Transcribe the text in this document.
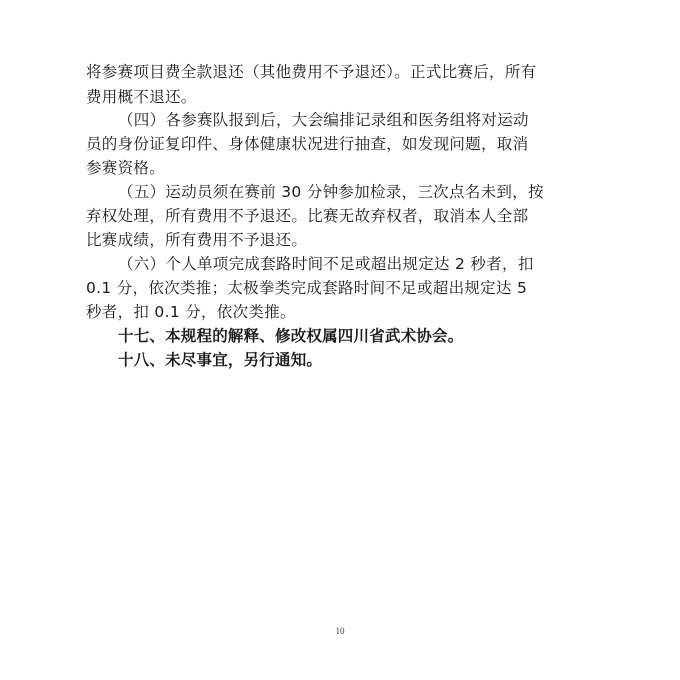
将参赛项目费全款退还（其他费用不予退还）。正式比赛后，所有
费用概不退还。
（四）各参赛队报到后，大会编排记录组和医务组将对运动
员的身份证复印件、身体健康状况进行抽查，如发现问题，取消
参赛资格。
（五）运动员须在赛前 30 分钟参加检录，三次点名未到，按
弃权处理，所有费用不予退还。比赛无故弃权者，取消本人全部
比赛成绩，所有费用不予退还。
（六）个人单项完成套路时间不足或超出规定达 2 秒者，扣
0.1 分，依次类推；太极拳类完成套路时间不足或超出规定达 5
秒者，扣 0.1 分，依次类推。
十七、本规程的解释、修改权属四川省武术协会。
十八、未尽事宜，另行通知。
10
